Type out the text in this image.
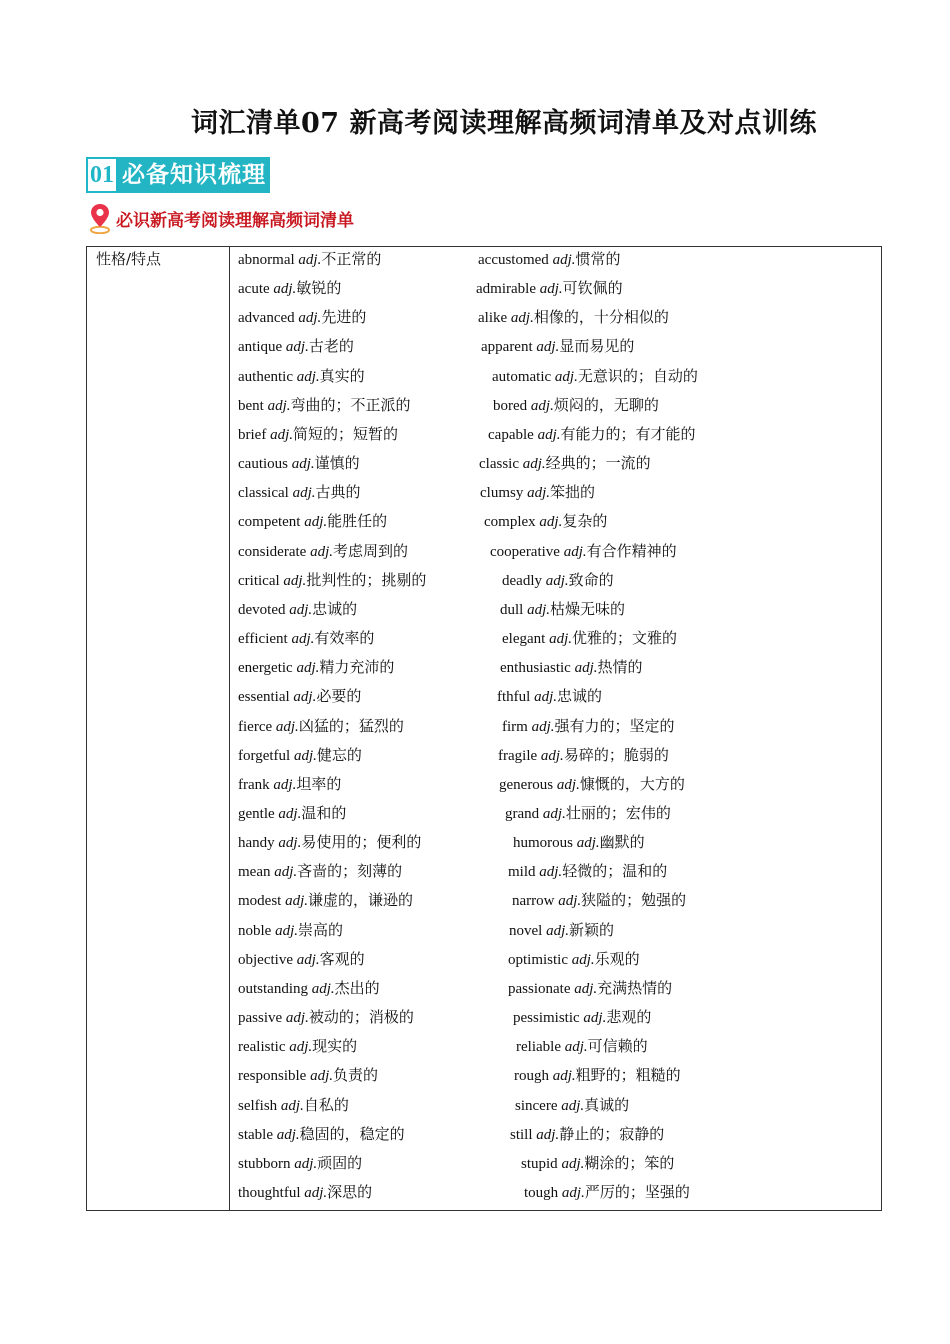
词汇清单07 新高考阅读理解高频词清单及对点训练
01 必备知识梳理
必识新高考阅读理解高频词清单
性格/特点	abnormal adj.不正常的	accustomed adj.惯常的
acute adj.敏锐的	admirable adj.可钦佩的
advanced adj.先进的	alike adj.相像的，十分相似的
antique adj.古老的	apparent adj.显而易见的
authentic adj.真实的	automatic adj.无意识的；自动的
bent adj.弯曲的；不正派的	bored adj.烦闷的，无聊的
brief adj.简短的；短暂的	capable adj.有能力的；有才能的
cautious adj.谨慎的	classic adj.经典的；一流的
classical adj.古典的	clumsy adj.笨拙的
competent adj.能胜任的	complex adj.复杂的
considerate adj.考虑周到的	cooperative adj.有合作精神的
critical adj.批判性的；挑剔的	deadly adj.致命的
devoted adj.忠诚的	dull adj.枯燥无味的
efficient adj.有效率的	elegant adj.优雅的；文雅的
energetic adj.精力充沛的	enthusiastic adj.热情的
essential adj.必要的	fthful adj.忠诚的
fierce adj.凶猛的；猛烈的	firm adj.强有力的；坚定的
forgetful adj.健忘的	fragile adj.易碎的；脆弱的
frank adj.坦率的	generous adj.慷慨的，大方的
gentle adj.温和的	grand adj.壮丽的；宏伟的
handy adj.易使用的；便利的	humorous adj.幽默的
mean adj.吝啬的；刻薄的	mild adj.轻微的；温和的
modest adj.谦虚的，谦逊的	narrow adj.狭隘的；勉强的
noble adj.崇高的	novel adj.新颖的
objective adj.客观的	optimistic adj.乐观的
outstanding adj.杰出的	passionate adj.充满热情的
passive adj.被动的；消极的	pessimistic adj.悲观的
realistic adj.现实的	reliable adj.可信赖的
responsible adj.负责的	rough adj.粗野的；粗糙的
selfish adj.自私的	sincere adj.真诚的
stable adj.稳固的，稳定的	still adj.静止的；寂静的
stubborn adj.顽固的	stupid adj.糊涂的；笨的
thoughtful adj.深思的	tough adj.严厉的；坚强的
